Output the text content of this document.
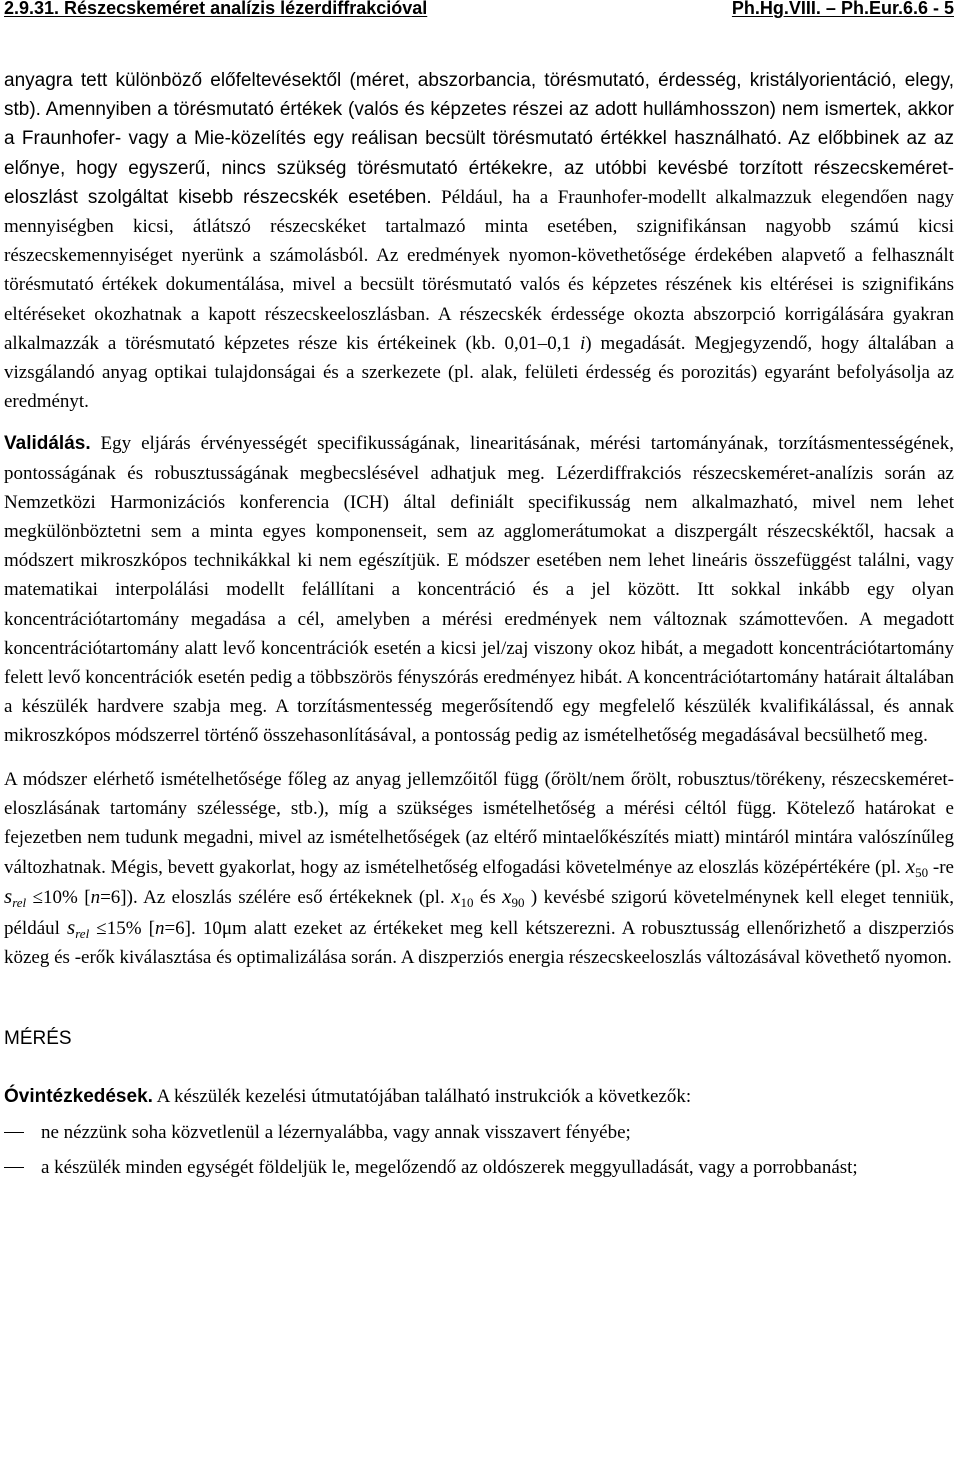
2.9.31. Részecskeméret analízis lézerdiffrakcióval	Ph.Hg.VIII. – Ph.Eur.6.6 - 5

anyagra tett különböző előfeltevésektől (méret, abszorbancia, törésmutató, érdesség, kristályorientáció, elegy, stb). Amennyiben a törésmutató értékek (valós és képzetes részei az adott hullámhosszon) nem ismertek, akkor a Fraunhofer- vagy a Mie-közelítés egy reálisan becsült törésmutató értékkel használható. Az előbbinek az az előnye, hogy egyszerű, nincs szükség törésmutató értékekre, az utóbbi kevésbé torzított részecskeméret-eloszlást szolgáltat kisebb részecskék esetében. Például, ha a Fraunhofer-modellt alkalmazzuk elegendően nagy mennyiségben kicsi, átlátszó részecskéket tartalmazó minta esetében, szignifikánsan nagyobb számú kicsi részecskemennyiséget nyerünk a számolásból. Az eredmények nyomon-követhetősége érdekében alapvető a felhasznált törésmutató értékek dokumentálása, mivel a becsült törésmutató valós és képzetes részének kis eltérései is szignifikáns eltéréseket okozhatnak a kapott részecskeeloszlásban. A részecskék érdessége okozta abszorpció korrigálására gyakran alkalmazzák a törésmutató képzetes része kis értékeinek (kb. 0,01–0,1 i) megadását. Megjegyzendő, hogy általában a vizsgálandó anyag optikai tulajdonságai és a szerkezete (pl. alak, felületi érdesség és porozitás) egyaránt befolyásolja az eredményt.

Validálás. Egy eljárás érvényességét specifikusságának, linearitásának, mérési tartományának, torzításmentességének, pontosságának és robusztusságának megbecslésével adhatjuk meg. Lézerdiffrakciós részecskeméret-analízis során az Nemzetközi Harmonizációs konferencia (ICH) által definiált specifikusság nem alkalmazható, mivel nem lehet megkülönböztetni sem a minta egyes komponenseit, sem az agglomerátumokat a diszpergált részecskéktől, hacsak a módszert mikroszkópos technikákkal ki nem egészítjük. E módszer esetében nem lehet lineáris összefüggést találni, vagy matematikai interpolálási modellt felállítani a koncentráció és a jel között. Itt sokkal inkább egy olyan koncentrációtartomány megadása a cél, amelyben a mérési eredmények nem változnak számottevően. A megadott koncentrációtartomány alatt levő koncentrációk esetén a kicsi jel/zaj viszony okoz hibát, a megadott koncentrációtartomány felett levő koncentrációk esetén pedig a többszörös fényszórás eredményez hibát. A koncentrációtartomány határait általában a készülék hardvere szabja meg. A torzításmentesség megerősítendő egy megfelelő készülék kvalifikálással, és annak mikroszkópos módszerrel történő összehasonlításával, a pontosság pedig az ismételhetőség megadásával becsülhető meg.

A módszer elérhető ismételhetősége főleg az anyag jellemzőitől függ (őrölt/nem őrölt, robusztus/törékeny, részecskeméret-eloszlásának tartomány szélessége, stb.), míg a szükséges ismételhetőség a mérési céltól függ. Kötelező határokat e fejezetben nem tudunk megadni, mivel az ismételhetőségek (az eltérő mintaelőkészítés miatt) mintáról mintára valószínűleg változhatnak. Mégis, bevett gyakorlat, hogy az ismételhetőség elfogadási követelménye az eloszlás középértékére (pl. $x_{50}$ -re $s_{rel} \le 10\%$ [n=6]). Az eloszlás szélére eső értékeknek (pl. $x_{10}$ és $x_{90}$ ) kevésbé szigorú követelménynek kell eleget tenniük, például $s_{rel} \le 15\%$ [n=6]. 10μm alatt ezeket az értékeket meg kell kétszerezni. A robusztusság ellenőrizhető a diszperziós közeg és -erők kiválasztása és optimalizálása során. A diszperziós energia részecskeeloszlás változásával követhető nyomon.

MÉRÉS

Óvintézkedések. A készülék kezelési útmutatójában található instrukciók a következők:

ne nézzünk soha közvetlenül a lézernyalábba, vagy annak visszavert fényébe;
a készülék minden egységét földeljük le, megelőzendő az oldószerek meggyulladását, vagy a porrobbanást;
